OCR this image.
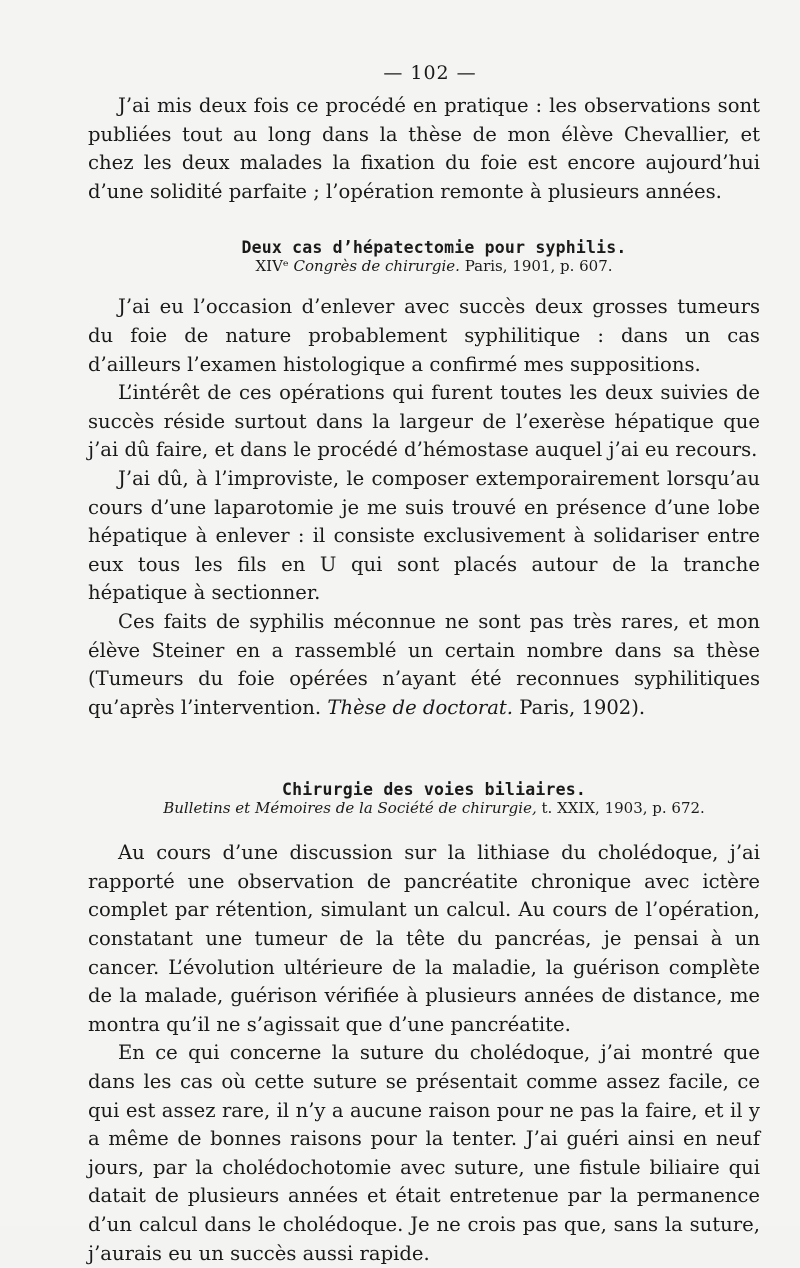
— 102 —

J’ai mis deux fois ce procédé en pratique : les observations sont publiées tout au long dans la thèse de mon élève Chevallier, et chez les deux malades la fixation du foie est encore aujourd’hui d’une solidité parfaite ; l’opération remonte à plusieurs années.

Deux cas d’hépatectomie pour syphilis.
XIVᵉ Congrès de chirurgie. Paris, 1901, p. 607.

J’ai eu l’occasion d’enlever avec succès deux grosses tumeurs du foie de nature probablement syphilitique : dans un cas d’ailleurs l’examen histologique a confirmé mes suppositions.

L’intérêt de ces opérations qui furent toutes les deux suivies de succès réside surtout dans la largeur de l’exerèse hépatique que j’ai dû faire, et dans le procédé d’hémostase auquel j’ai eu recours.

J’ai dû, à l’improviste, le composer extemporairement lorsqu’au cours d’une laparotomie je me suis trouvé en présence d’une lobe hépatique à enlever : il consiste exclusivement à solidariser entre eux tous les fils en U qui sont placés autour de la tranche hépatique à sectionner.

Ces faits de syphilis méconnue ne sont pas très rares, et mon élève Steiner en a rassemblé un certain nombre dans sa thèse (Tumeurs du foie opérées n’ayant été reconnues syphilitiques qu’après l’intervention. Thèse de doctorat. Paris, 1902).

Chirurgie des voies biliaires.
Bulletins et Mémoires de la Société de chirurgie, t. XXIX, 1903, p. 672.

Au cours d’une discussion sur la lithiase du cholédoque, j’ai rapporté une observation de pancréatite chronique avec ictère complet par rétention, simulant un calcul. Au cours de l’opération, constatant une tumeur de la tête du pancréas, je pensai à un cancer. L’évolution ultérieure de la maladie, la guérison complète de la malade, guérison vérifiée à plusieurs années de distance, me montra qu’il ne s’agissait que d’une pancréatite.

En ce qui concerne la suture du cholédoque, j’ai montré que dans les cas où cette suture se présentait comme assez facile, ce qui est assez rare, il n’y a aucune raison pour ne pas la faire, et il y a même de bonnes raisons pour la tenter. J’ai guéri ainsi en neuf jours, par la cholédochotomie avec suture, une fistule biliaire qui datait de plusieurs années et était entretenue par la permanence d’un calcul dans le cholédoque. Je ne crois pas que, sans la suture, j’aurais eu un succès aussi rapide.
